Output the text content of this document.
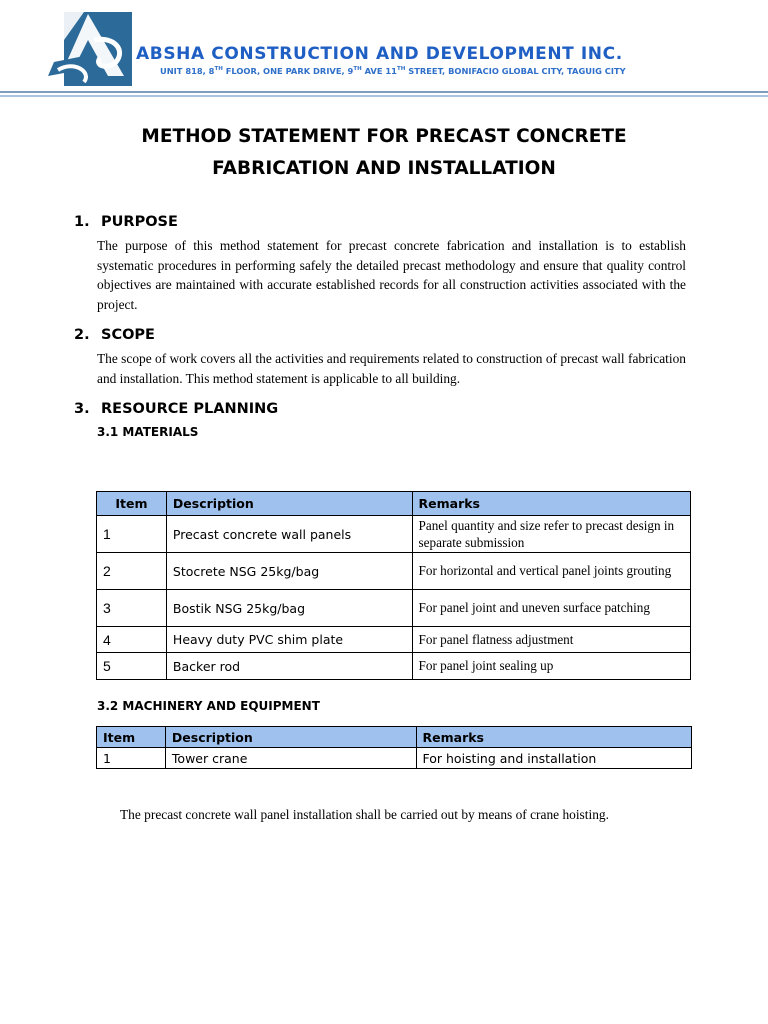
ABSHA CONSTRUCTION AND DEVELOPMENT INC.
UNIT 818, 8TH FLOOR, ONE PARK DRIVE, 9TH AVE 11TH STREET, BONIFACIO GLOBAL CITY, TAGUIG CITY
METHOD STATEMENT FOR PRECAST CONCRETE
FABRICATION AND INSTALLATION
1. PURPOSE
The purpose of this method statement for precast concrete fabrication and installation is to establish systematic procedures in performing safely the detailed precast methodology and ensure that quality control objectives are maintained with accurate established records for all construction activities associated with the project.
2. SCOPE
The scope of work covers all the activities and requirements related to construction of precast wall fabrication and installation. This method statement is applicable to all building.
3. RESOURCE PLANNING
3.1 MATERIALS
Item	Description	Remarks
1	Precast concrete wall panels	Panel quantity and size refer to precast design in separate submission
2	Stocrete NSG 25kg/bag	For horizontal and vertical panel joints grouting
3	Bostik NSG 25kg/bag	For panel joint and uneven surface patching
4	Heavy duty PVC shim plate	For panel flatness adjustment
5	Backer rod	For panel joint sealing up
3.2 MACHINERY AND EQUIPMENT
Item	Description	Remarks
1	Tower crane	For hoisting and installation
The precast concrete wall panel installation shall be carried out by means of crane hoisting.
